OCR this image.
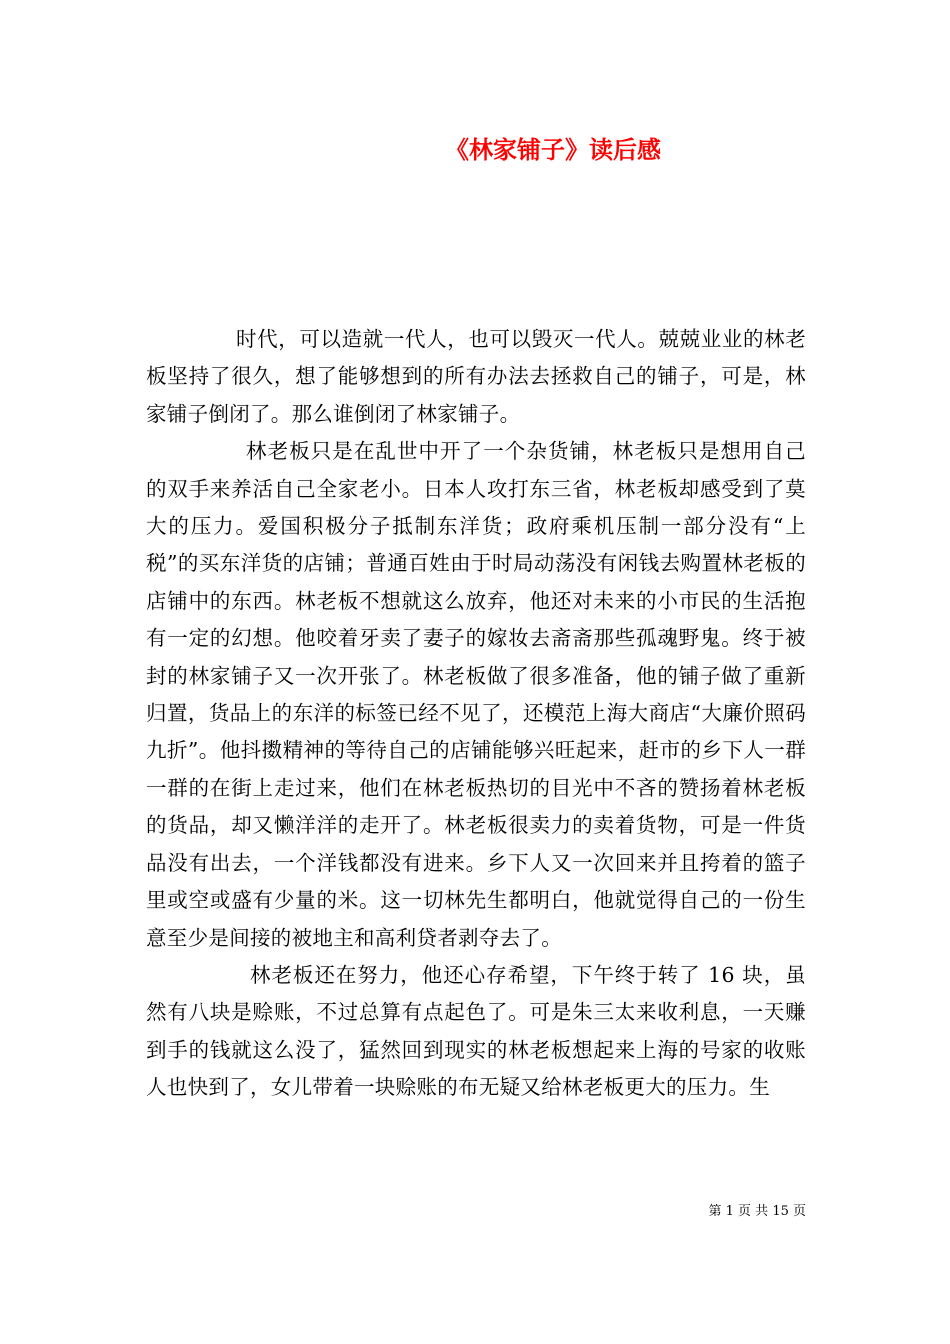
《林家铺子》读后感

时代，可以造就一代人，也可以毁灭一代人。兢兢业业的林老板坚持了很久，想了能够想到的所有办法去拯救自己的铺子，可是，林家铺子倒闭了。那么谁倒闭了林家铺子。

林老板只是在乱世中开了一个杂货铺，林老板只是想用自己的双手来养活自己全家老小。日本人攻打东三省，林老板却感受到了莫大的压力。爱国积极分子抵制东洋货；政府乘机压制一部分没有“上税”的买东洋货的店铺；普通百姓由于时局动荡没有闲钱去购置林老板的店铺中的东西。林老板不想就这么放弃，他还对未来的小市民的生活抱有一定的幻想。他咬着牙卖了妻子的嫁妆去斋斋那些孤魂野鬼。终于被封的林家铺子又一次开张了。林老板做了很多准备，他的铺子做了重新归置，货品上的东洋的标签已经不见了，还模范上海大商店“大廉价照码九折”。他抖擞精神的等待自己的店铺能够兴旺起来，赶市的乡下人一群一群的在街上走过来，他们在林老板热切的目光中不吝的赞扬着林老板的货品，却又懒洋洋的走开了。林老板很卖力的卖着货物，可是一件货品没有出去，一个洋钱都没有进来。乡下人又一次回来并且挎着的篮子里或空或盛有少量的米。这一切林先生都明白，他就觉得自己的一份生意至少是间接的被地主和高利贷者剥夺去了。

林老板还在努力，他还心存希望，下午终于转了 16 块，虽然有八块是赊账，不过总算有点起色了。可是朱三太来收利息，一天赚到手的钱就这么没了，猛然回到现实的林老板想起来上海的号家的收账人也快到了，女儿带着一块赊账的布无疑又给林老板更大的压力。生

第 1 页 共 15 页
